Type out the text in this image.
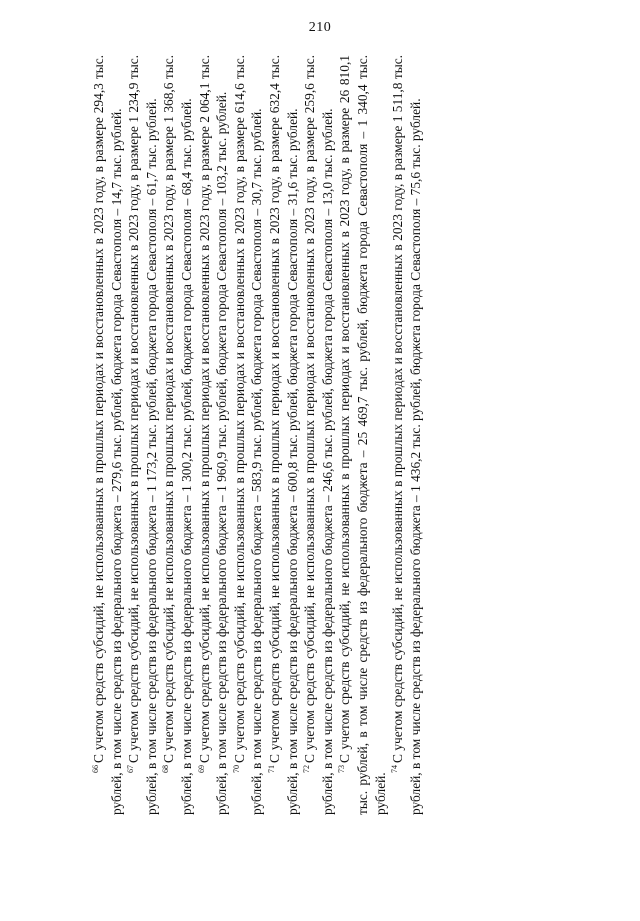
210

$^{66}$С учетом средств субсидий, не использованных в прошлых периодах и восстановленных в 2023 году, в размере 294,3 тыс. рублей, в том числе средств из федерального бюджета – 279,6 тыс. рублей, бюджета города Севастополя – 14,7 тыс. рублей. $^{67}$С учетом средств субсидий, не использованных в прошлых периодах и восстановленных в 2023 году, в размере 1 234,9 тыс. рублей, в том числе средств из федерального бюджета – 1 173,2 тыс. рублей, бюджета города Севастополя – 61,7 тыс. рублей. $^{68}$С учетом средств субсидий, не использованных в прошлых периодах и восстановленных в 2023 году, в размере 1 368,6 тыс. рублей, в том числе средств из федерального бюджета – 1 300,2 тыс. рублей, бюджета города Севастополя – 68,4 тыс. рублей. $^{69}$С учетом средств субсидий, не использованных в прошлых периодах и восстановленных в 2023 году, в размере 2 064,1 тыс. рублей, в том числе средств из федерального бюджета – 1 960,9 тыс. рублей, бюджета города Севастополя – 103,2 тыс. рублей. $^{70}$С учетом средств субсидий, не использованных в прошлых периодах и восстановленных в 2023 году, в размере 614,6 тыс. рублей, в том числе средств из федерального бюджета – 583,9 тыс. рублей, бюджета города Севастополя – 30,7 тыс. рублей. $^{71}$С учетом средств субсидий, не использованных в прошлых периодах и восстановленных в 2023 году, в размере 632,4 тыс. рублей, в том числе средств из федерального бюджета – 600,8 тыс. рублей, бюджета города Севастополя – 31,6 тыс. рублей. $^{72}$С учетом средств субсидий, не использованных в прошлых периодах и восстановленных в 2023 году, в размере 259,6 тыс. рублей, в том числе средств из федерального бюджета – 246,6 тыс. рублей, бюджета города Севастополя – 13,0 тыс. рублей. $^{73}$С учетом средств субсидий, не использованных в прошлых периодах и восстановленных в 2023 году, в размере 26 810,1 тыс. рублей, в том числе средств из федерального бюджета – 25 469,7 тыс. рублей, бюджета города Севастополя – 1 340,4 тыс. рублей.

$^{74}$С учетом средств субсидий, не использованных в прошлых периодах и восстановленных в 2023 году, в размере 1 511,8 тыс. рублей, в том числе средств из федерального бюджета – 1 436,2 тыс. рублей, бюджета города Севастополя – 75,6 тыс. рублей.
